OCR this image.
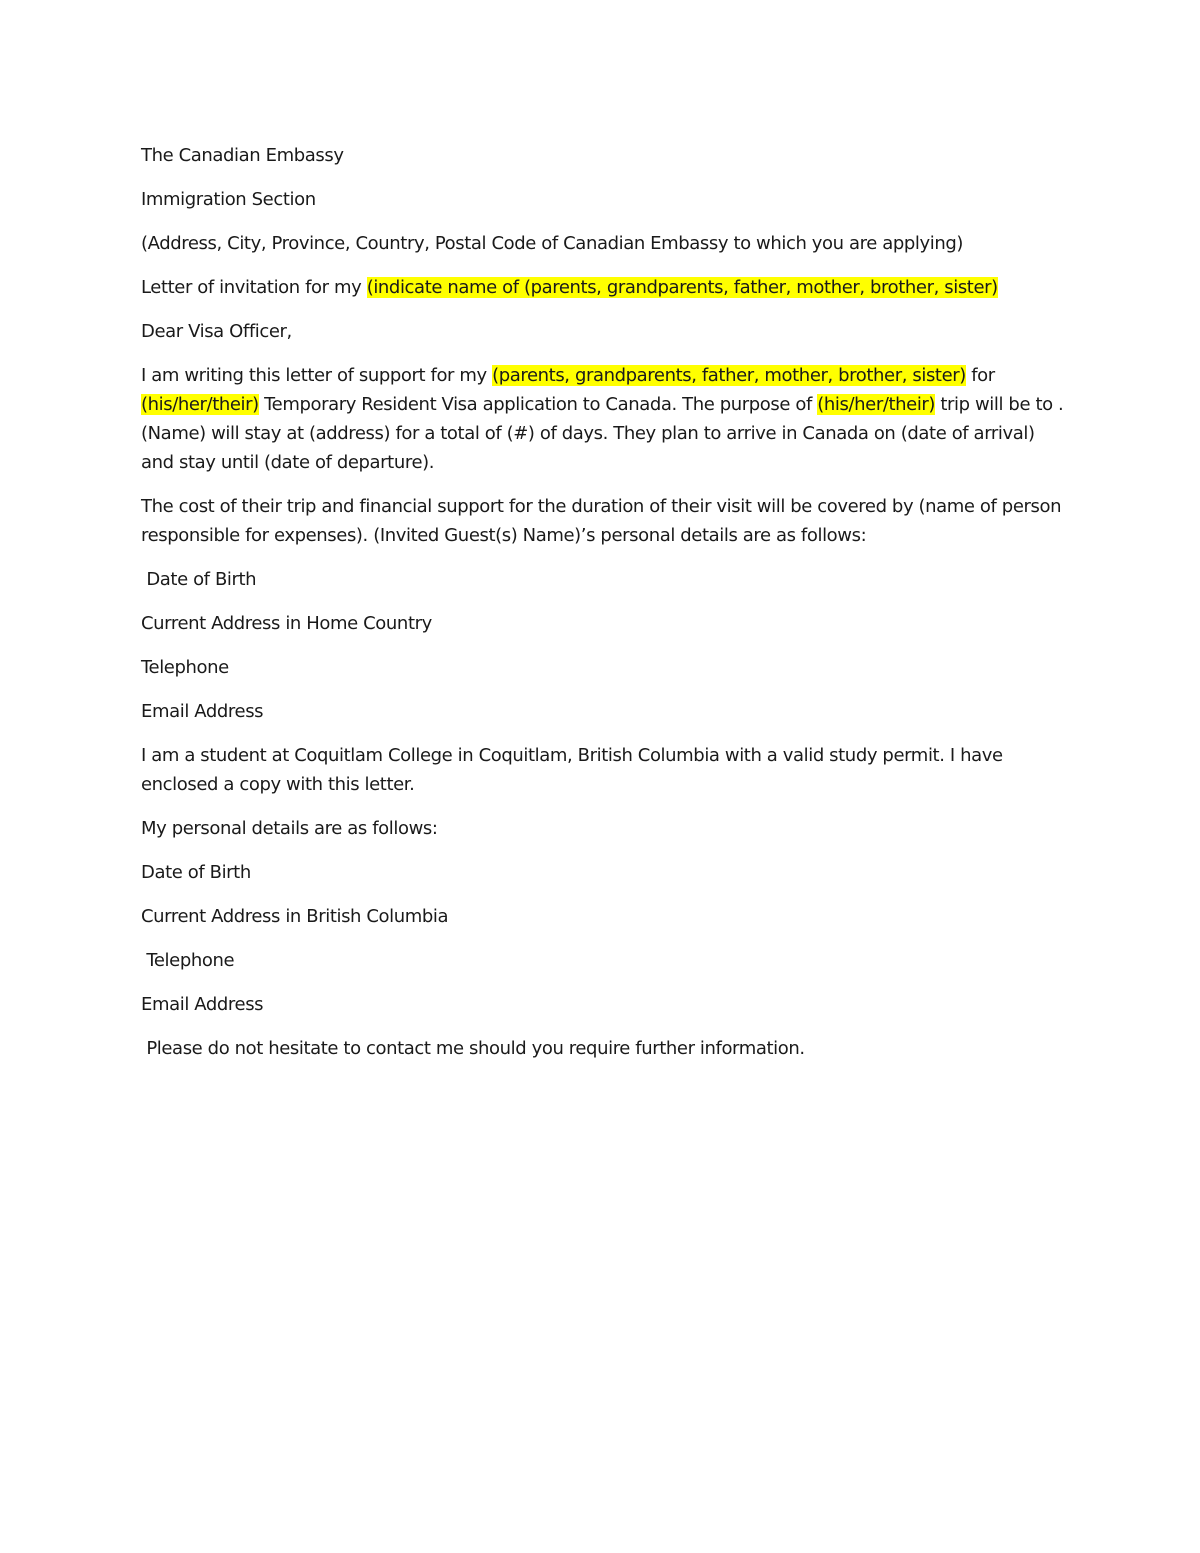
The Canadian Embassy

Immigration Section

(Address, City, Province, Country, Postal Code of Canadian Embassy to which you are applying)

Letter of invitation for my (indicate name of (parents, grandparents, father, mother, brother, sister)

Dear Visa Officer,

I am writing this letter of support for my (parents, grandparents, father, mother, brother, sister) for (his/her/their) Temporary Resident Visa application to Canada. The purpose of (his/her/their) trip will be to . (Name) will stay at (address) for a total of (#) of days. They plan to arrive in Canada on (date of arrival) and stay until (date of departure).

The cost of their trip and financial support for the duration of their visit will be covered by (name of person responsible for expenses). (Invited Guest(s) Name)’s personal details are as follows:

Date of Birth

Current Address in Home Country

Telephone

Email Address

I am a student at Coquitlam College in Coquitlam, British Columbia with a valid study permit. I have enclosed a copy with this letter.

My personal details are as follows:

Date of Birth

Current Address in British Columbia

Telephone

Email Address

Please do not hesitate to contact me should you require further information.
